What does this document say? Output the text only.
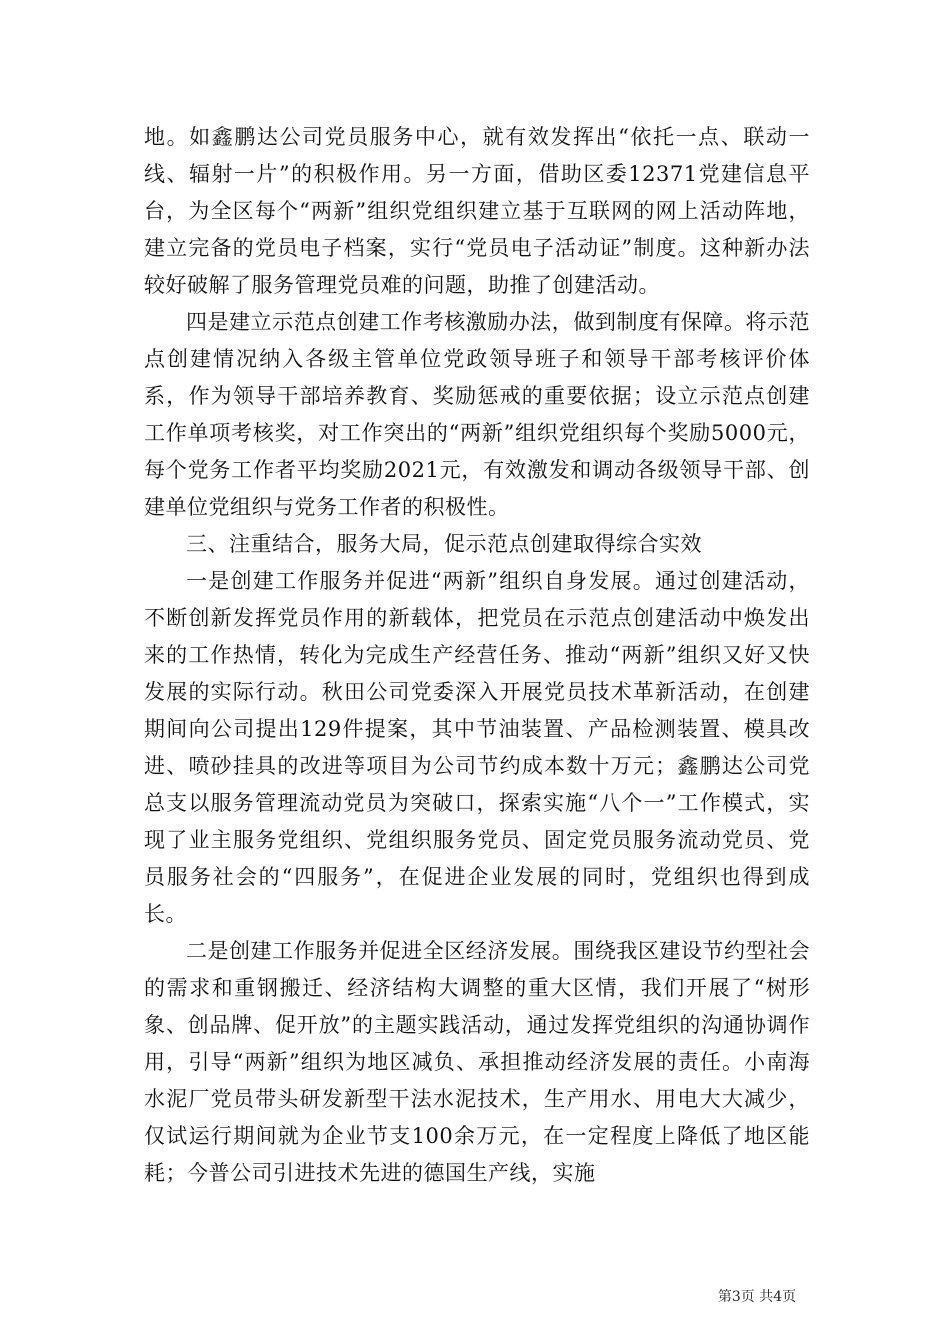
地。如鑫鹏达公司党员服务中心，就有效发挥出“依托一点、联动一线、辐射一片”的积极作用。另一方面，借助区委12371党建信息平台，为全区每个“两新”组织党组织建立基于互联网的网上活动阵地，建立完备的党员电子档案，实行“党员电子活动证”制度。这种新办法较好破解了服务管理党员难的问题，助推了创建活动。

四是建立示范点创建工作考核激励办法，做到制度有保障。将示范点创建情况纳入各级主管单位党政领导班子和领导干部考核评价体系，作为领导干部培养教育、奖励惩戒的重要依据；设立示范点创建工作单项考核奖，对工作突出的“两新”组织党组织每个奖励5000元，每个党务工作者平均奖励2021元，有效激发和调动各级领导干部、创建单位党组织与党务工作者的积极性。

三、注重结合，服务大局，促示范点创建取得综合实效

一是创建工作服务并促进“两新”组织自身发展。通过创建活动，不断创新发挥党员作用的新载体，把党员在示范点创建活动中焕发出来的工作热情，转化为完成生产经营任务、推动“两新”组织又好又快发展的实际行动。秋田公司党委深入开展党员技术革新活动，在创建期间向公司提出129件提案，其中节油装置、产品检测装置、模具改进、喷砂挂具的改进等项目为公司节约成本数十万元；鑫鹏达公司党总支以服务管理流动党员为突破口，探索实施“八个一”工作模式，实现了业主服务党组织、党组织服务党员、固定党员服务流动党员、党员服务社会的“四服务”，在促进企业发展的同时，党组织也得到成长。

二是创建工作服务并促进全区经济发展。围绕我区建设节约型社会的需求和重钢搬迁、经济结构大调整的重大区情，我们开展了“树形象、创品牌、促开放”的主题实践活动，通过发挥党组织的沟通协调作用，引导“两新”组织为地区减负、承担推动经济发展的责任。小南海水泥厂党员带头研发新型干法水泥技术，生产用水、用电大大减少，仅试运行期间就为企业节支100余万元，在一定程度上降低了地区能耗；今普公司引进技术先进的德国生产线，实施

第3页 共4页
